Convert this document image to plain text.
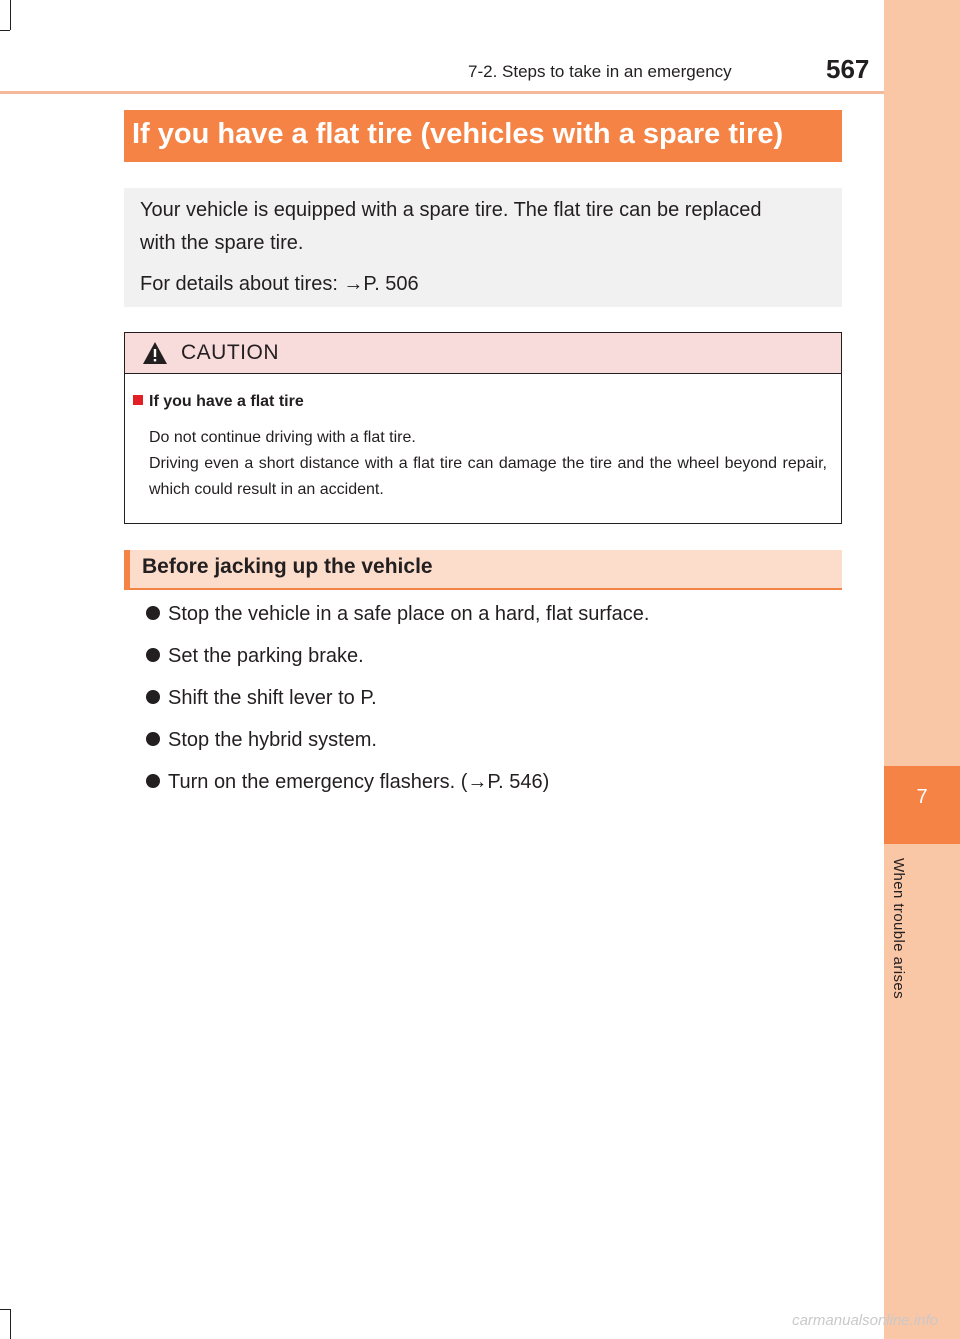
7
When trouble arises
7-2. Steps to take in an emergency	567
If you have a flat tire (vehicles with a spare tire)
Your vehicle is equipped with a spare tire. The flat tire can be replaced
with the spare tire.
For details about tires: →P. 506
CAUTION
If you have a flat tire
Do not continue driving with a flat tire.
Driving even a short distance with a flat tire can damage the tire and the wheel beyond repair, which could result in an accident.
Before jacking up the vehicle
Stop the vehicle in a safe place on a hard, flat surface.
Set the parking brake.
Shift the shift lever to P.
Stop the hybrid system.
Turn on the emergency flashers. (→P. 546)
carmanualsonline.info
